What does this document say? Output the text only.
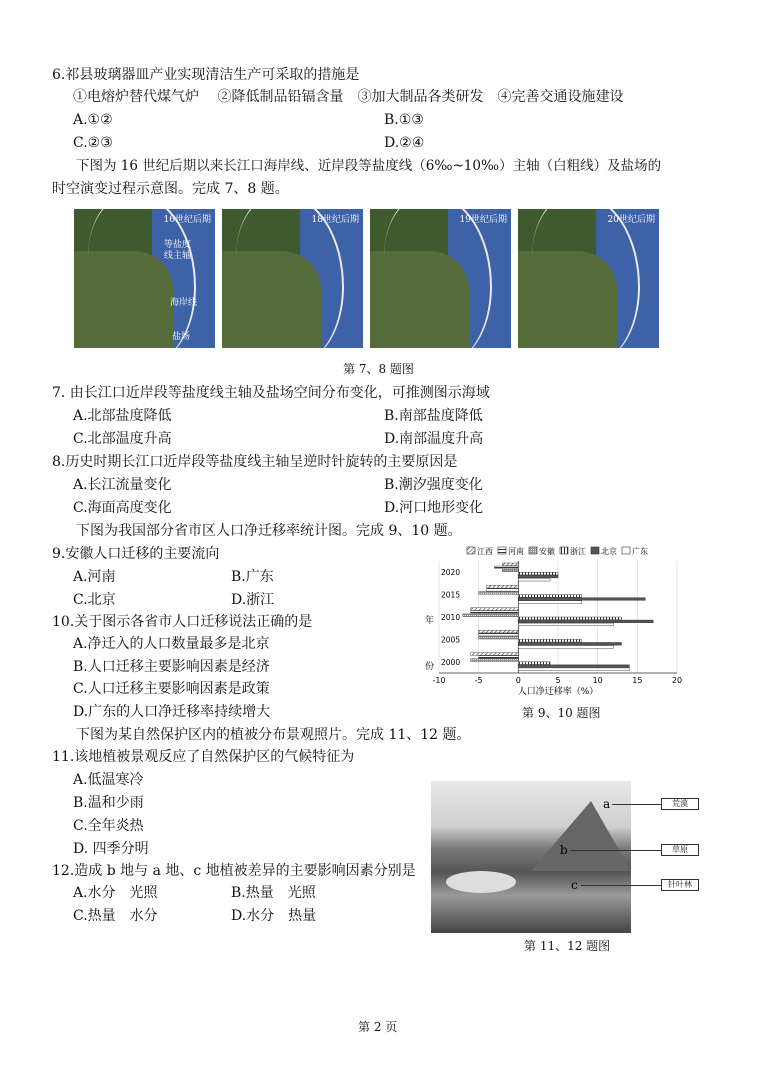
6.祁县玻璃器皿产业实现清洁生产可采取的措施是
①电熔炉替代煤气炉　 ②降低制品铅镉含量　③加大制品各类研发　④完善交通设施建设
A.①②	B.①③
C.②③	D.②④
下图为 16 世纪后期以来长江口海岸线、近岸段等盐度线（6‰~10‰）主轴（白粗线）及盐场的
时空演变过程示意图。完成 7、8 题。
16世纪后期
等盐度
线主轴
海岸线
盐场
18世纪后期	19世纪后期	20世纪后期
第 7、8 题图
7. 由长江口近岸段等盐度线主轴及盐场空间分布变化，可推测图示海域
A.北部盐度降低	B.南部盐度降低
C.北部温度升高	D.南部温度升高
8.历史时期长江口近岸段等盐度线主轴呈逆时针旋转的主要原因是
A.长江流量变化	B.潮汐强度变化
C.海面高度变化	D.河口地形变化
下图为我国部分省市区人口净迁移率统计图。完成 9、10 题。
9.安徽人口迁移的主要流向
A.河南	B.广东
C.北京	D.浙江
10.关于图示各省市人口迁移说法正确的是
A.净迁入的人口数量最多是北京
B.人口迁移主要影响因素是经济
C.人口迁移主要影响因素是政策
D.广东的人口净迁移率持续增大
江西 河南 安徽 浙江 北京 广东
-10	-5	0	5	10	15	20
2020
2015
2010
2005
2000
年
份
人口净迁移率（%）
第 9、10 题图
下图为某自然保护区内的植被分布景观照片。完成 11、12 题。
11.该地植被景观反应了自然保护区的气候特征为
A.低温寒冷
B.温和少雨
C.全年炎热
D. 四季分明
12.造成 b 地与 a 地、c 地植被差异的主要影响因素分别是
A.水分　光照	B.热量　光照
C.热量　水分	D.水分　热量
a
b
c
荒漠
草原
针叶林
第 11、12 题图
第 2 页
